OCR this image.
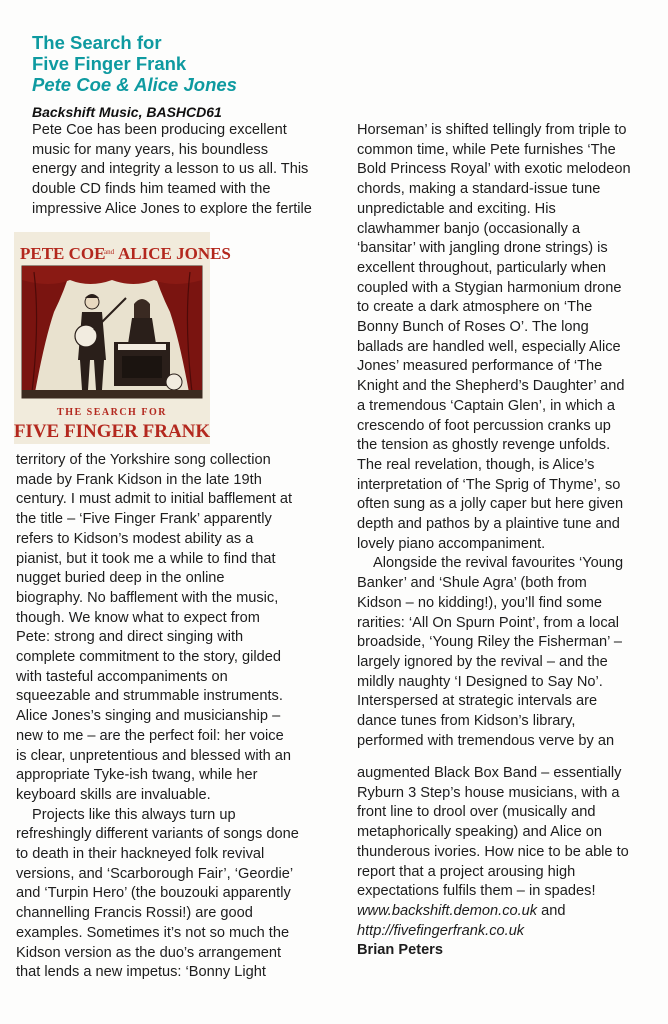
The Search for
Five Finger Frank
Pete Coe & Alice Jones
Backshift Music, BASHCD61

Pete Coe has been producing excellent

music for many years, his boundless

energy and integrity a lesson to us all. This

double CD finds him teamed with the

impressive Alice Jones to explore the fertile

PETE COE
and ALICE JONES
THE SEARCH FOR
FIVE FINGER FRANK

territory of the Yorkshire song collection

made by Frank Kidson in the late 19th

century. I must admit to initial bafflement at

the title – ‘Five Finger Frank’ apparently

refers to Kidson’s modest ability as a

pianist, but it took me a while to find that

nugget buried deep in the online

biography. No bafflement with the music,

though. We know what to expect from

Pete: strong and direct singing with

complete commitment to the story, gilded

with tasteful accompaniments on

squeezable and strummable instruments.

Alice Jones’s singing and musicianship –

new to me – are the perfect foil: her voice

is clear, unpretentious and blessed with an

appropriate Tyke-ish twang, while her

keyboard skills are invaluable.

Projects like this always turn up

refreshingly different variants of songs done

to death in their hackneyed folk revival

versions, and ‘Scarborough Fair’, ‘Geordie’

and ‘Turpin Hero’ (the bouzouki apparently

channelling Francis Rossi!) are good

examples. Sometimes it’s not so much the

Kidson version as the duo’s arrangement

that lends a new impetus: ‘Bonny Light

Horseman’ is shifted tellingly from triple to

common time, while Pete furnishes ‘The

Bold Princess Royal’ with exotic melodeon

chords, making a standard-issue tune

unpredictable and exciting. His

clawhammer banjo (occasionally a

‘bansitar’ with jangling drone strings) is

excellent throughout, particularly when

coupled with a Stygian harmonium drone

to create a dark atmosphere on ‘The

Bonny Bunch of Roses O’. The long

ballads are handled well, especially Alice

Jones’ measured performance of ‘The

Knight and the Shepherd’s Daughter’ and

a tremendous ‘Captain Glen’, in which a

crescendo of foot percussion cranks up

the tension as ghostly revenge unfolds.

The real revelation, though, is Alice’s

interpretation of ‘The Sprig of Thyme’, so

often sung as a jolly caper but here given

depth and pathos by a plaintive tune and

lovely piano accompaniment.

Alongside the revival favourites ‘Young

Banker’ and ‘Shule Agra’ (both from

Kidson – no kidding!), you’ll find some

rarities: ‘All On Spurn Point’, from a local

broadside, ‘Young Riley the Fisherman’ –

largely ignored by the revival – and the

mildly naughty ‘I Designed to Say No’.

Interspersed at strategic intervals are

dance tunes from Kidson’s library,

performed with tremendous verve by an

augmented Black Box Band – essentially

Ryburn 3 Step’s house musicians, with a

front line to drool over (musically and

metaphorically speaking) and Alice on

thunderous ivories. How nice to be able to

report that a project arousing high

expectations fulfils them – in spades!

www.backshift.demon.co.uk and

http://fivefingerfrank.co.uk

Brian Peters
